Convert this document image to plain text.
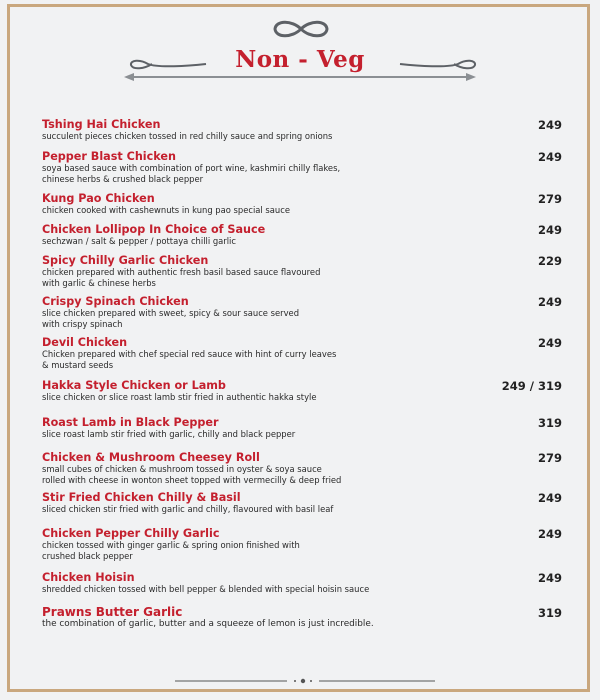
Non - Veg
Tshing Hai Chicken
succulent pieces chicken tossed in red chilly sauce and spring onions
249
Pepper Blast Chicken
soya based sauce with combination of port wine, kashmiri chilly flakes,
chinese herbs & crushed black pepper
249
Kung Pao Chicken
chicken cooked with cashewnuts in kung pao special sauce
279
Chicken Lollipop In Choice of Sauce
sechzwan / salt & pepper / pottaya chilli garlic
249
Spicy Chilly Garlic Chicken
chicken prepared with authentic fresh basil based sauce flavoured
with garlic & chinese herbs
229
Crispy Spinach Chicken
slice chicken prepared with sweet, spicy & sour sauce served
with crispy spinach
249
Devil Chicken
Chicken prepared with chef special red sauce with hint of curry leaves
& mustard seeds
249
Hakka Style Chicken or Lamb
slice chicken or slice roast lamb stir fried in authentic hakka style
249 / 319
Roast Lamb in Black Pepper
slice roast lamb stir fried with garlic, chilly and black pepper
319
Chicken & Mushroom Cheesey Roll
small cubes of chicken & mushroom tossed in oyster & soya sauce
rolled with cheese in wonton sheet topped with vermecilly & deep fried
279
Stir Fried Chicken Chilly & Basil
sliced chicken stir fried with garlic and chilly, flavoured with basil leaf
249
Chicken Pepper Chilly Garlic
chicken tossed with ginger garlic & spring onion finished with
crushed black pepper
249
Chicken Hoisin
shredded chicken tossed with bell pepper & blended with special hoisin sauce
249
Prawns Butter Garlic
the combination of garlic, butter and a squeeze of lemon is just incredible.
319
